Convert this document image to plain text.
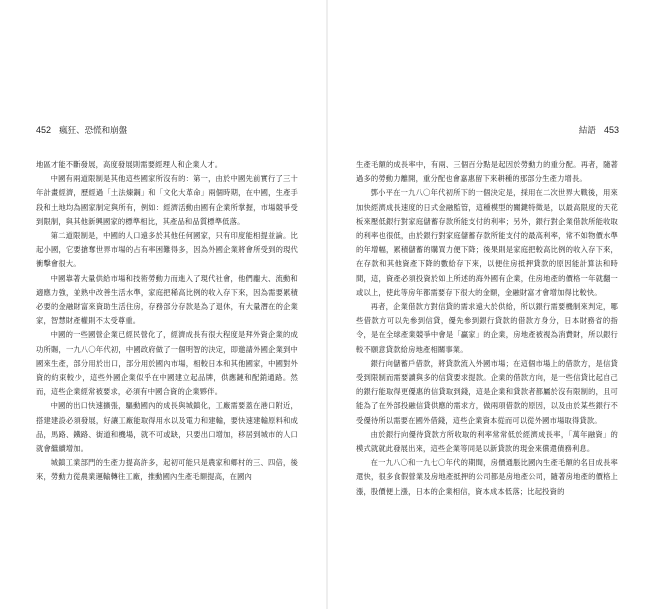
452 瘋狂、恐慌和崩盤

地區才能不斷發展，高度發展則需要經理人和企業人才。

中國有兩道限制是其他這些國家所沒有的：第一，由於中國先前實行了三十年計畫經濟，歷經過「土法煉鋼」和「文化大革命」兩個時期，在中國，生產手段和土地均為國家制定與所有，例如：經濟活動由國有企業所掌握，市場競爭受到限制，與其他新興國家的標準相比，其產品和品質標準低落。

第二道限制是，中國的人口遠多於其他任何國家，只有印度能相提並論。比起小國，它要搶奪世界市場的占有率困難得多，因為外國企業將會所受到的現代衝擊會很大。

中國靠著大量供給市場和技術勞動力而進入了現代社會，他們龐大、流動和適應力強，並熟中改善生活水準，家庭把稀高比例的收入存下來，因為需要累積必要的金融財富來資助生活住房，存務部分存款是為了退休，有大量潛在的企業家，智慧財產權則不太受尊重。

中國的一些國營企業已經民營化了，經濟成長有很大程度是拜外資企業的成功所賜，一九八〇年代初，中國政府做了一個明智的決定，即邀請外國企業到中國來生產，部分用於出口，部分用於國內市場，相較日本和其他國家，中國對外資的約束較少，這些外國企業似乎在中國建立起品牌，供應鏈和配銷通路。然而，這些企業經常被要求，必須有中國合資的企業夥伴。

中國的出口快速擴張，驅動國內的成長與城鎮化，工廠需要蓋在港口附近，搭建建設必須發展，好讓工廠能取得用水以及電力和建輸，要快速建輸原料和成品，馬路、鐵路、街道和機場，就不可或缺，只要出口增加，移居到城市的人口就會繼續增加。

城鎮工業部門的生產力提高許多，起初可能只是農家和郷村的三、四倍，後來，勞動力從農業運輸轉往工廠，推動國內生產毛額提高，在國內

結語 453

生產毛額的成長率中，有兩、三個百分點是起因於勞動力的重分配。再者，隨著過多的勞動力離開，重分配也會嘉惠留下來耕種的那部分生產力增長。

鄧小平在一九八〇年代初所下的一個決定是，採用在二次世界大戰後，用來加快經濟成長速度的日式金融監管，這種模型的關鍵特徵是，以最高限度的天花板來壓低銀行對家庭儲蓄存款所能支付的利率；另外，銀行對企業借款所能收取的利率也很低，由於銀行對家庭儲蓄存款所能支付的最高利率，常不如物價水準的年增幅，累積儲蓄的購買力便下降；後果則是家庭把較高比例的收入存下來，在存款和其他資產下降的數給存下來，以便住房抵押貸款的原因能計算法和時間，這，資產必須投資於如上所述的海外國有企業，住房地產的價格一年就翻一或以上，使此等房年都需要存下很大的金額，金融財富才會增加得比較快。

再者，企業借款方對信貸的需求遠大於供給，所以銀行需要機制來判定，哪些借款方可以先參到信貸，優先參到銀行貸款的借款方身分，日本財務省的指令，是在全球產業競爭中會是「贏家」的企業，房地產被視為消費財，所以銀行較不願意貸款給房地產相關事業。

銀行向儲蓄戶借款，將貸款流入外國市場；在這個市場上的借款方，是信貸受到限制而需要讀與多的信貸要求提款。企業的借款方向，是一些信貸比起自己的銀行能取得更優惠的信貸取到錢，這是企業和貸款者都屬於沒有限制的，且可能為了在外部投融信貸供應的需求方，做兩項借款的原因，以及由於某些銀行不受優待所以需要在國外借錢，這些企業資本從而可以從外國市場取得貸款。

由於銀行向優待貸款方所收取的利率常常低於經濟成長率，「萬年融資」的模式就就此發展出來，這些企業等同是以新貸款的現金來償還債務利息。

在一九八〇和一九七〇年代的期間，房價通脹比國內生產毛額的名目成長率還快，很多食假營業及房地產抵押的公司都是房地產公司，隨著房地產的價格上漲，股價便上漲，日本的企業相信，資本成本低落；比起投資的
